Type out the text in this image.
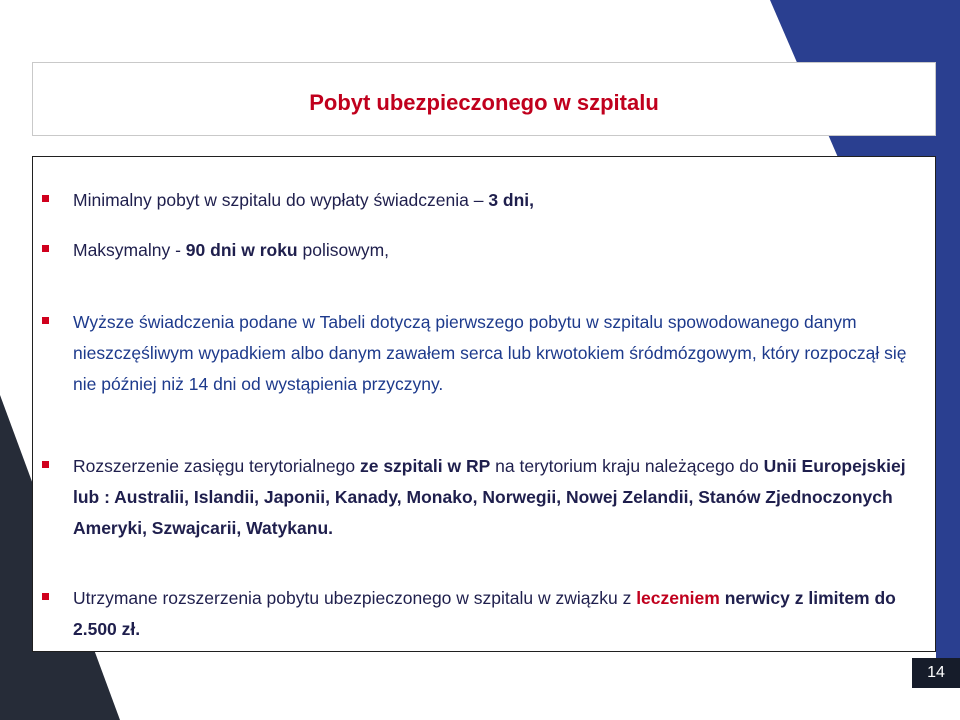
Pobyt ubezpieczonego w szpitalu
Minimalny pobyt w szpitalu do wypłaty świadczenia – 3 dni,
Maksymalny - 90 dni w roku polisowym,
Wyższe świadczenia podane w Tabeli dotyczą pierwszego pobytu w szpitalu spowodowanego danym nieszczęśliwym wypadkiem albo danym zawałem serca lub krwotokiem śródmózgowym, który rozpoczął się nie później niż 14 dni od wystąpienia przyczyny.
Rozszerzenie zasięgu terytorialnego ze szpitali w RP na terytorium kraju należącego do Unii Europejskiej lub : Australii, Islandii, Japonii, Kanady, Monako, Norwegii, Nowej Zelandii, Stanów Zjednoczonych Ameryki, Szwajcarii, Watykanu.
Utrzymane rozszerzenia pobytu ubezpieczonego w szpitalu w związku z leczeniem nerwicy z limitem do 2.500 zł.
14
